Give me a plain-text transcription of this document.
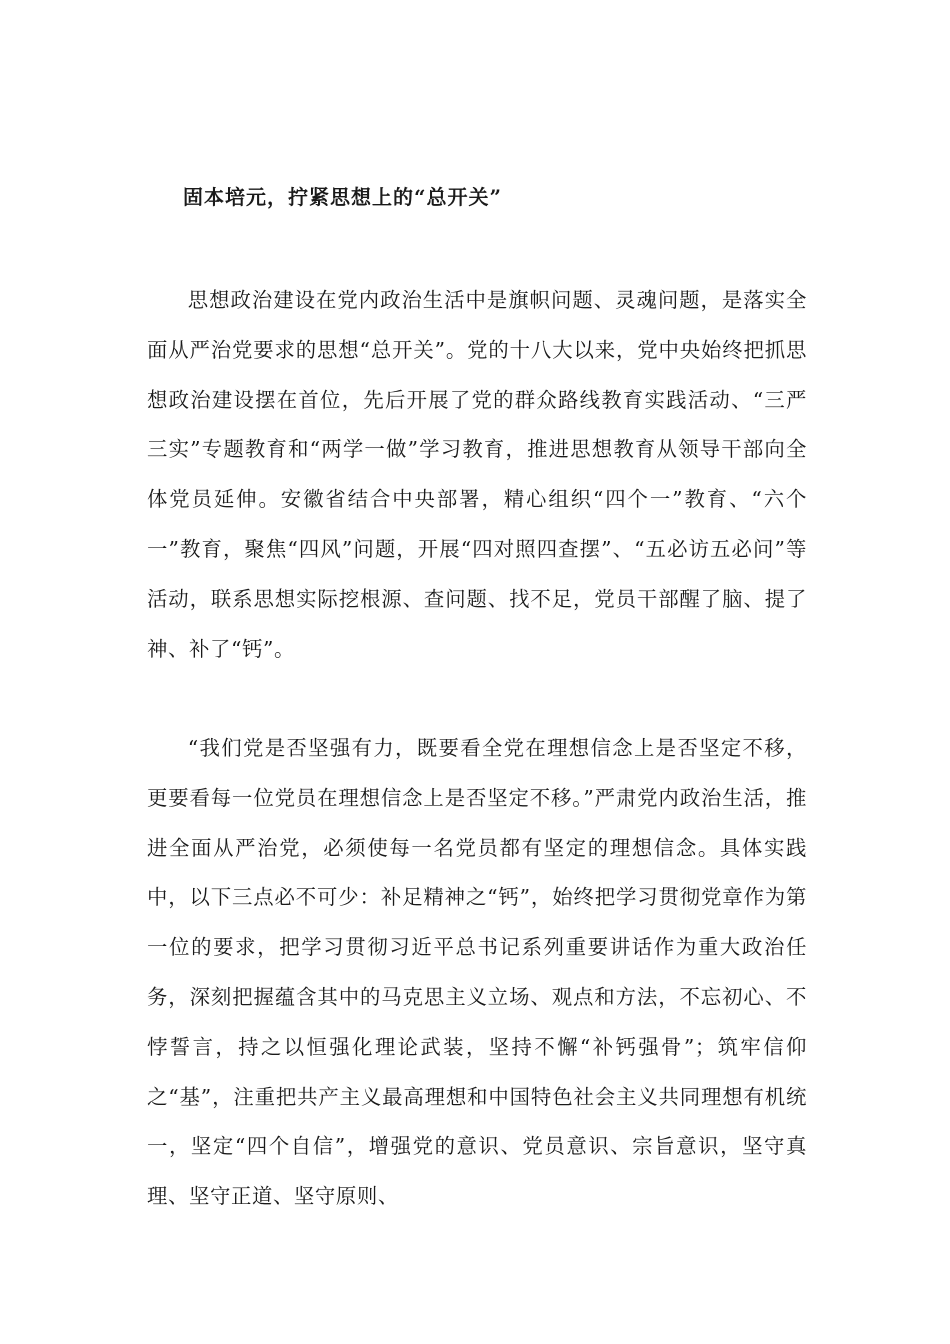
固本培元，拧紧思想上的“总开关”

思想政治建设在党内政治生活中是旗帜问题、灵魂问题，是落实全面从严治党要求的思想“总开关”。党的十八大以来，党中央始终把抓思想政治建设摆在首位，先后开展了党的群众路线教育实践活动、“三严三实”专题教育和“两学一做”学习教育，推进思想教育从领导干部向全体党员延伸。安徽省结合中央部署，精心组织“四个一”教育、“六个一”教育，聚焦“四风”问题，开展“四对照四查摆”、“五必访五必问”等活动，联系思想实际挖根源、查问题、找不足，党员干部醒了脑、提了神、补了“钙”。

“我们党是否坚强有力，既要看全党在理想信念上是否坚定不移，更要看每一位党员在理想信念上是否坚定不移。”严肃党内政治生活，推进全面从严治党，必须使每一名党员都有坚定的理想信念。具体实践中，以下三点必不可少：补足精神之“钙”，始终把学习贯彻党章作为第一位的要求，把学习贯彻习近平总书记系列重要讲话作为重大政治任务，深刻把握蕴含其中的马克思主义立场、观点和方法，不忘初心、不悖誓言，持之以恒强化理论武装，坚持不懈“补钙强骨”；筑牢信仰之“基”，注重把共产主义最高理想和中国特色社会主义共同理想有机统一，坚定“四个自信”，增强党的意识、党员意识、宗旨意识，坚守真理、坚守正道、坚守原则、
